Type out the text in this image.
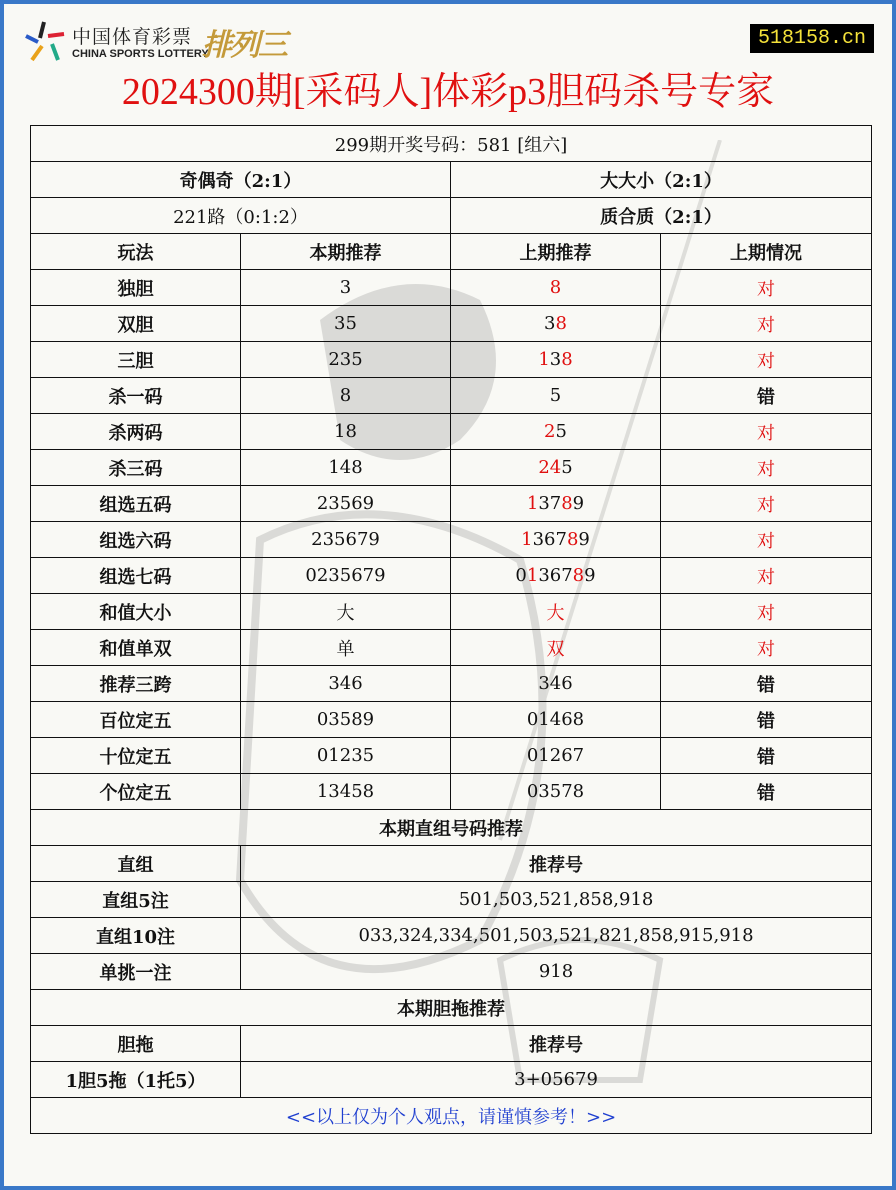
中国体育彩票
CHINA SPORTS LOTTERY
排列三	518158.cn
2024300期[采码人]体彩p3胆码杀号专家
299期开奖号码：581 [组六]			
奇偶奇（2:1）		大大小（2:1）	
221路（0:1:2）		质合质（2:1）	
玩法	本期推荐	上期推荐	上期情况
独胆	3	8	对
双胆	35	38	对
三胆	235	138	对
杀一码	8	5	错
杀两码	18	25	对
杀三码	148	245	对
组选五码	23569	13789	对
组选六码	235679	136789	对
组选七码	0235679	0136789	对
和值大小	大	大	对
和值单双	单	双	对
推荐三跨	346	346	错
百位定五	03589	01468	错
十位定五	01235	01267	错
个位定五	13458	03578	错
本期直组号码推荐			
直组	推荐号		
直组5注	501,503,521,858,918		
直组10注	033,324,334,501,503,521,821,858,915,918		
单挑一注	918		
本期胆拖推荐			
胆拖	推荐号		
1胆5拖（1托5）	3+05679		
<<以上仅为个人观点，请谨慎参考！>>			
